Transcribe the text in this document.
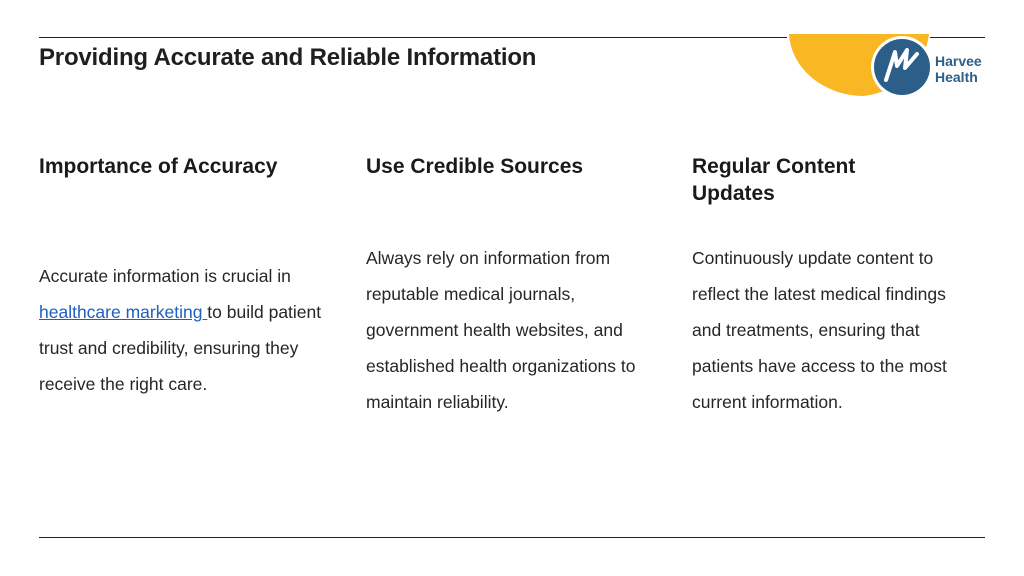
Providing Accurate and Reliable Information	Harvee
Health
Importance of Accuracy

Accurate information is crucial in healthcare marketing to build patient trust and credibility, ensuring they receive the right care.

Use Credible Sources

Always rely on information from reputable medical journals, government health websites, and established health organizations to maintain reliability.

Regular Content Updates

Continuously update content to reflect the latest medical findings and treatments, ensuring that patients have access to the most current information.
